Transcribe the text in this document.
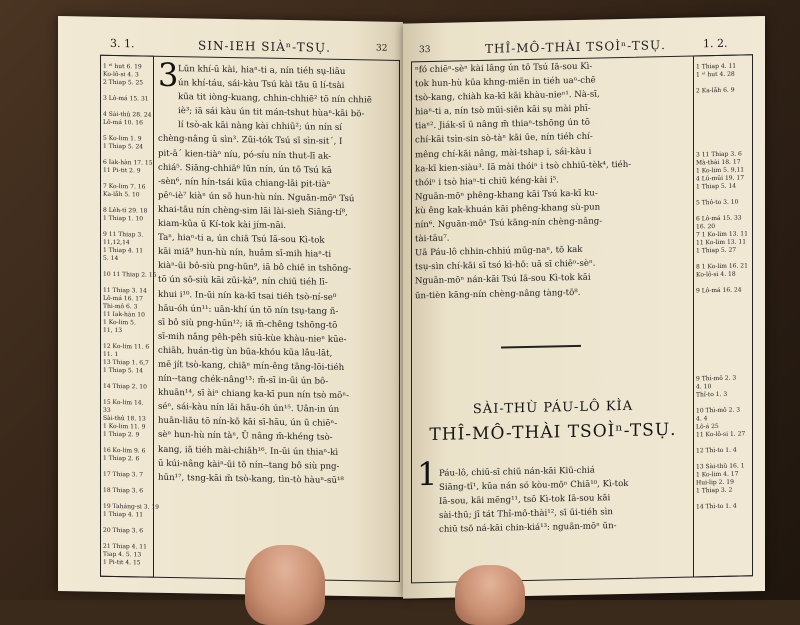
3. 1.	SIN-IEH SIÀⁿ-TSỤ.	32
1 ᵉˡ hut 6. 19
Ko-lô-si 4. 3
2 Thiap 5. 25
3 Lô-má 15. 31
4 Sài-thû 28. 24
Lô-má 10. 16
5 Ko-lim 1. 9
1 Thiap 5. 24
6 Iak-hàn 17. 15
11 Pi-tit 2. 9
7 Ko-lim 7. 16
Ka-låh 5. 10
8 Lêh-tì 29. 18
1 Thiap 1. 10
9 11 Thiap 3.
11,12,14
1 Thiap 4. 11
5. 14
10 11 Thiap 2. 15
11 Thiap 3. 14
Lô-má 16. 17
Thi-mô 6. 3
11 Iak-hàn 10
1 Ko-lim 5.
11, 13
12 Ko-lim 11. 6
11. 1
13 Thiap 1. 6,7
1 Thiap 5. 14
14 Thiap 2. 10
15 Ko-lim 14.
33
Sài-thû 18. 13
1 Ko-lim 11. 9
1 Thiap 2. 9
16 Ko-lim 9. 6
1 Thiap 2. 6
17 Thiap 3. 7
18 Thiap 3. 6
19 Taháng-si 3. 19
1 Thiap 4. 11
20 Thiap 3. 6
21 Thiap 4. 11
Tiap 4. 5. 13
1 Pi-tit 4. 15
3 Lūn khí-ū kài, hiaⁿ-ti a, nín tiéh sụ-liāu
ún khí-táu, sái-kàu Tsú kài tāu ū lí-tsài
kūa tit iòng-kuang, chhin-chhiē² tō nín chhiē
iè³; iā sái kàu ún tit mán-tshut hùaⁿ-kāi bö-
lí tsò-ak kāi nàng kài chhiū²; ún nín sí
chèng-nâng ū sìn³. Zūi-tók Tsú sī sìn-sit´, I
pit-ā´ kien-tiàⁿ níu, pó-síu nín thut-lī ak-
chiá⁵. Siāng-chhiā⁶ lūn nín, ún tō Tsú kā
-sèn⁶, nín hín-tsái kūa chiang-lāi pit-tiàⁿ
pēⁿ-iè⁷ kiàⁿ ún sō hun-hù nín. Nguān-mōⁿ Tsú
khai-tāu nín chèng-sim lāi lài-sieh Siāng-tí⁸,
kiam-kûa ū Kí-tok kài jím-nāi.
Taⁿ, hiaⁿ-ti a, ún chiā Tsú Iā-sou Kì-tok
kāi miā⁹ hun-hù nín, huâm sī-mih hiaⁿ-ti
kiàⁿ-ūi bô-siù png-hūn⁹, iā bô chiē in tshōng-
tō ún sō-siù kāi zūi-kà⁹, nín chiū tiéh lī-
khui i¹⁰. In-ūi nín ka-kī tsai tiéh tsò-ní-se⁰
hāu-óh ún¹¹: uān-khí ún tō nín tsụ-tang ñ-
sī bô siù png-hūn¹²; iā m̄-chêng tshōng-tō
sī-mih nâng pêh-pêh siū-kùe khàu-nieⁿ kūe-
chiāh, huán-tìg ùn būa-khóu kūa lâu-lāt,
mē jít tsò-kang, chiāⁿ mín-êng tāng-lōi-tiéh
nín--tang chék-nâng¹³: m̄-sī in-ūi ún bô-
khuān¹⁴, sī àiⁿ chiang ka-kī pun nín tsò mōⁿ-
séⁿ, sái-kàu nín lāi hāu-óh ún¹⁵. Uân-in ún
huān-liāu tō nín-kō kāi sī-hāu, ún ū chiēⁿ-
sèⁿ hun-hù nín tàⁿ, Ū nâng m̄-khéng tsò-
kang, iā tiéh mài-chiāh¹⁶. In-ūi ún thiaⁿ-kì
ū kúi-nâng kàiⁿ-ūi tō nín--tang bô siù png-
hūn¹⁷, tsng-kāi m̄ tsò-kang, tìn-tò hàuⁿ-sū¹⁸
33	THÎ-MÔ-THÀI TSOÌⁿ-TSỤ.	1. 2.
ⁿfó chiēⁿ-sèⁿ kài lâng ún tō Tsú Iā-sou Kì-
tok hun-hù kūa khng-miēn in tiéh uaⁿ-chē
tsò-kang, chiàh ka-kī kāi khàu-nieⁿ¹. Nà-sī,
hiaⁿ-ti a, nín tsò mūi-siēn kāi sụ mài phī-
tiaⁿ². Jiák-sī ū nâng m̄ thiaⁿ-tshōng ún tō
chí-kāi tsìn-sin sò-tàⁿ kāi ūe, nín tiéh chí-
mêng chí-kāi nâng, mài-tshap i, sái-kàu i
ka-kī kien-siàu³. Iā mài thóiⁿ i tsò chhiū-tèk⁴, tiéh-
thóiⁿ i tsò hiaⁿ-ti chiū kéng-kài i⁵.
Nguān-mōⁿ phêng-khang kāi Tsú ka-kī ku-
kù êng kak-khuán kāi phêng-khang sù-pun
nín⁶. Nguān-mōⁿ Tsú kāng-nín chèng-nâng-
tài-tāu⁷.
Uā Páu-lô chhin-chhiú mūg-naⁿ, tō kak
tsụ-sìn chí-kāi sī tsó kì-hō: uā sī chiēⁿ-sèⁿ.
Nguān-mōⁿ nán-kāi Tsú Iā-sou Kì-tok kāi
ūn-tièn kāng-nín chèng-nâng tàng-tō⁸.
SÀI-THÙ PÁU-LÔ KÌA
THÎ-MÔ-THÀI TSOÌⁿ-TSỤ.
1 Páu-lô, chiū-sī chiū nán-kāi Kiū-chiá
Siāng-tī¹, kūa nán só kòu-mōⁿ Chiā¹⁰, Kì-tok
Iā-sou, kāi mēng¹¹, tsō Kì-tok Iā-sou kāi
sài-thū; jī tát Thî-mô-thài¹², sī ūi-tiéh sìn
chiū tsō ná-kāi chin-kiá¹³: nguān-mōⁿ ūn-
1 Thiap 4. 11
1 ᵉˡ hut 4. 28
2 Ka-låh 6. 9
3 11 Thiap 3. 6
Mà-thài 18. 17
1 Ko-lim 5. 9,11
4 Lū-mūi 19. 17
1 Thiap 5. 14
5 Thô-to 3. 10
6 Lô-má 15. 33
16. 20
7 1 Ko-lim 13. 11
11 Ko-lim 13. 11
1 Thiap 5. 27
8 1 Ko-lim 16. 21
Ko-lô-si 4. 18
9 Lô-má 16. 24
9 Thì-mô 2. 3
4. 10
Thî-to 1. 3
10 Thì-mô 2. 3
4. 4
Lô-á 25
11 Ko-lô-si 1. 27
12 Thì-to 1. 4
13 Sài-thû 16. 1
1 Ko-lim 4. 17
Hui-lip 2. 19
1 Thiap 3. 2
14 Thì-to 1. 4
